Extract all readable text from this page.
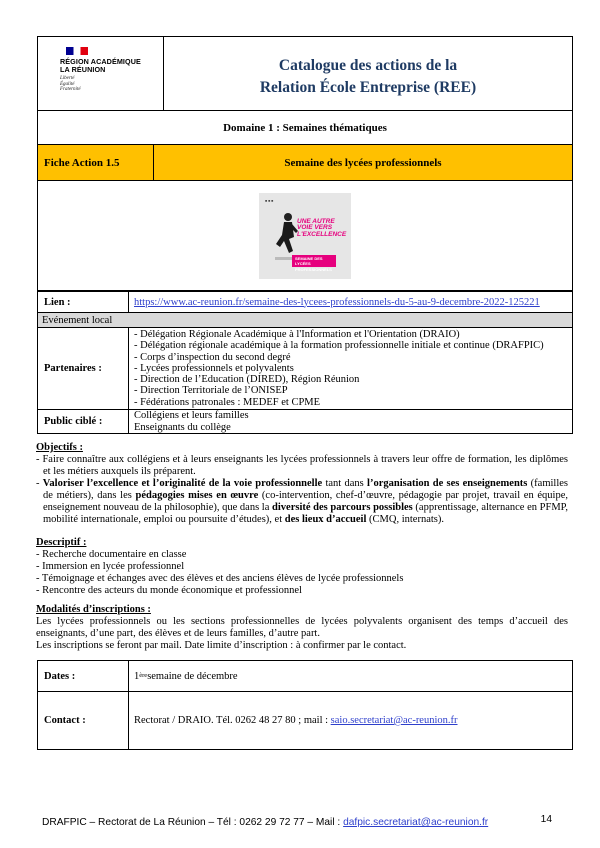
RÉGION ACADÉMIQUE
LA RÉUNION
Liberté
Égalité
Fraternité
Catalogue des actions de la
Relation École Entreprise (REE)
Domaine 1 : Semaines thématiques
Fiche Action 1.5	Semaine des lycées professionnels
■ ■ ■
UNE AUTRE
VOIE VERS
L'EXCELLENCE
SEMAINE DES LYCÉES
PROFESSIONNELS
Lien :	https://www.ac-reunion.fr/semaine-des-lycees-professionnels-du-5-au-9-decembre-2022-125221
Evénement local
Partenaires :
- Délégation Régionale Académique à l'Information et l'Orientation (DRAIO)
- Délégation régionale académique à la formation professionnelle initiale et continue (DRAFPIC)
- Corps d’inspection du second degré
- Lycées professionnels et polyvalents
- Direction de l’Education (DIRED), Région Réunion
- Direction Territoriale de l’ONISEP
- Fédérations patronales : MEDEF et CPME
Public ciblé :
Collégiens et leurs familles
Enseignants du collège
Objectifs :
- Faire connaître aux collégiens et à leurs enseignants les lycées professionnels à travers leur offre de formation, les diplômes et les métiers auxquels ils préparent.
- Valoriser l’excellence et l’originalité de la voie professionnelle tant dans l’organisation de ses enseignements (familles de métiers), dans les pédagogies mises en œuvre (co-intervention, chef-d’œuvre, pédagogie par projet, travail en équipe, enseignement nouveau de la philosophie), que dans la diversité des parcours possibles (apprentissage, alternance en PFMP, mobilité internationale, emploi ou poursuite d’études), et des lieux d’accueil (CMQ, internats).
Descriptif :
- Recherche documentaire en classe
- Immersion en lycée professionnel
- Témoignage et échanges avec des élèves et des anciens élèves de lycée professionnels
- Rencontre des acteurs du monde économique et professionnel
Modalités d’inscriptions :
Les lycées professionnels ou les sections professionnelles de lycées polyvalents organisent des temps d’accueil des enseignants, d’une part, des élèves et de leurs familles, d’autre part.
Les inscriptions se feront par mail. Date limite d’inscription : à confirmer par le contact.
Dates :	1 ère semaine de décembre
Contact :	Rectorat / DRAIO. Tél. 0262 48 27 80 ; mail :
saio.secretariat@ac-reunion.fr
DRAFPIC – Rectorat de La Réunion – Tél : 0262 29 72 77 – Mail : dafpic.secretariat@ac-reunion.fr	14
